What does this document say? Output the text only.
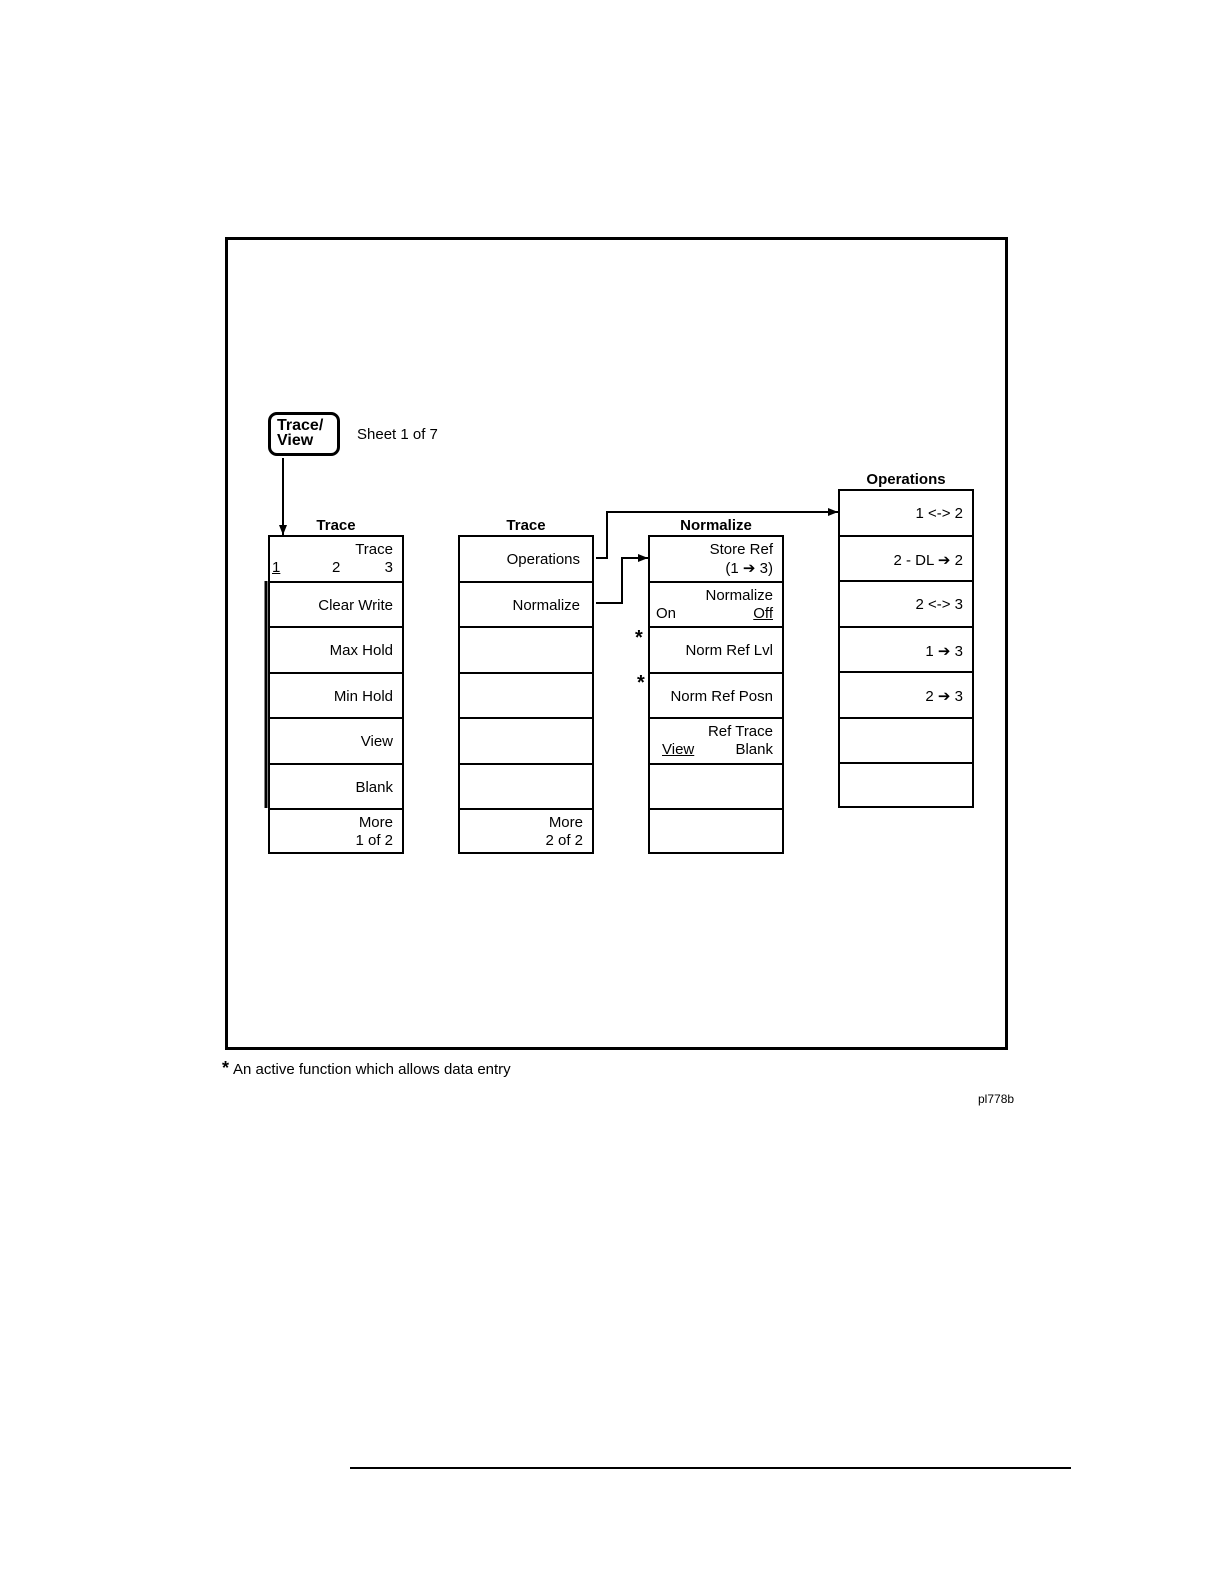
Trace/
View	Sheet 1 of 7
Trace
Trace
1	2	3
Clear Write
Max Hold
Min Hold
View
Blank
More
1 of 2
Trace
Operations
Normalize
More
2 of 2
Normalize
Store Ref
(1 ➔ 3)
Normalize
On	Off
Norm Ref Lvl
Norm Ref Posn
Ref Trace
View	Blank
*
*
Operations
1 <-> 2
2 - DL ➔ 2
2 <-> 3
1 ➔ 3
2 ➔ 3
* An active function which allows data entry
pl778b
